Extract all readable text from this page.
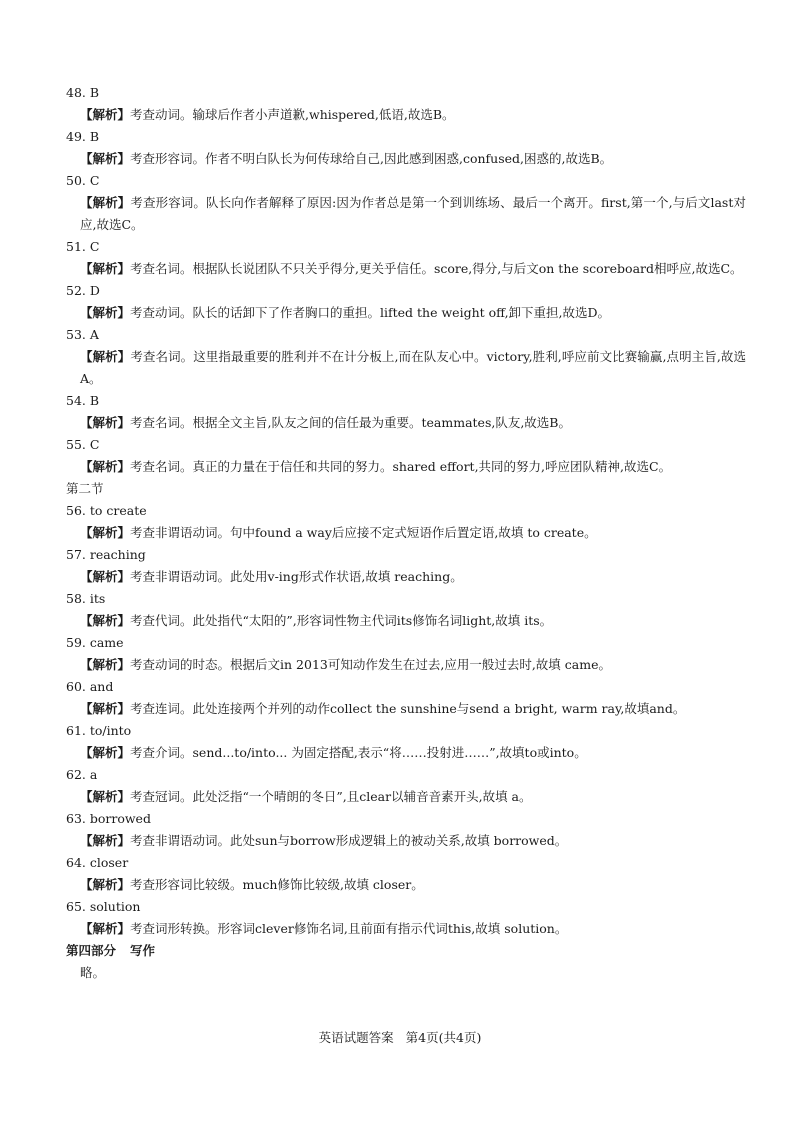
48. B
【解析】考查动词。输球后作者小声道歉,whispered,低语,故选B。
49. B
【解析】考查形容词。作者不明白队长为何传球给自己,因此感到困惑,confused,困惑的,故选B。
50. C
【解析】考查形容词。队长向作者解释了原因:因为作者总是第一个到训练场、最后一个离开。first,第一个,与后文last对应,故选C。
51. C
【解析】考查名词。根据队长说团队不只关乎得分,更关乎信任。score,得分,与后文on the scoreboard相呼应,故选C。
52. D
【解析】考查动词。队长的话卸下了作者胸口的重担。lifted the weight off,卸下重担,故选D。
53. A
【解析】考查名词。这里指最重要的胜利并不在计分板上,而在队友心中。victory,胜利,呼应前文比赛输赢,点明主旨,故选A。
54. B
【解析】考查名词。根据全文主旨,队友之间的信任最为重要。teammates,队友,故选B。
55. C
【解析】考查名词。真正的力量在于信任和共同的努力。shared effort,共同的努力,呼应团队精神,故选C。
第二节
56. to create
【解析】考查非谓语动词。句中found a way后应接不定式短语作后置定语,故填 to create。
57. reaching
【解析】考查非谓语动词。此处用v-ing形式作状语,故填 reaching。
58. its
【解析】考查代词。此处指代“太阳的”,形容词性物主代词its修饰名词light,故填 its。
59. came
【解析】考查动词的时态。根据后文in 2013可知动作发生在过去,应用一般过去时,故填 came。
60. and
【解析】考查连词。此处连接两个并列的动作collect the sunshine与send a bright, warm ray,故填and。
61. to/into
【解析】考查介词。send...to/into... 为固定搭配,表示“将……投射进……”,故填to或into。
62. a
【解析】考查冠词。此处泛指“一个晴朗的冬日”,且clear以辅音音素开头,故填 a。
63. borrowed
【解析】考查非谓语动词。此处sun与borrow形成逻辑上的被动关系,故填 borrowed。
64. closer
【解析】考查形容词比较级。much修饰比较级,故填 closer。
65. solution
【解析】考查词形转换。形容词clever修饰名词,且前面有指示代词this,故填 solution。
第四部分 写作
略。
英语试题答案 第4页(共4页)
